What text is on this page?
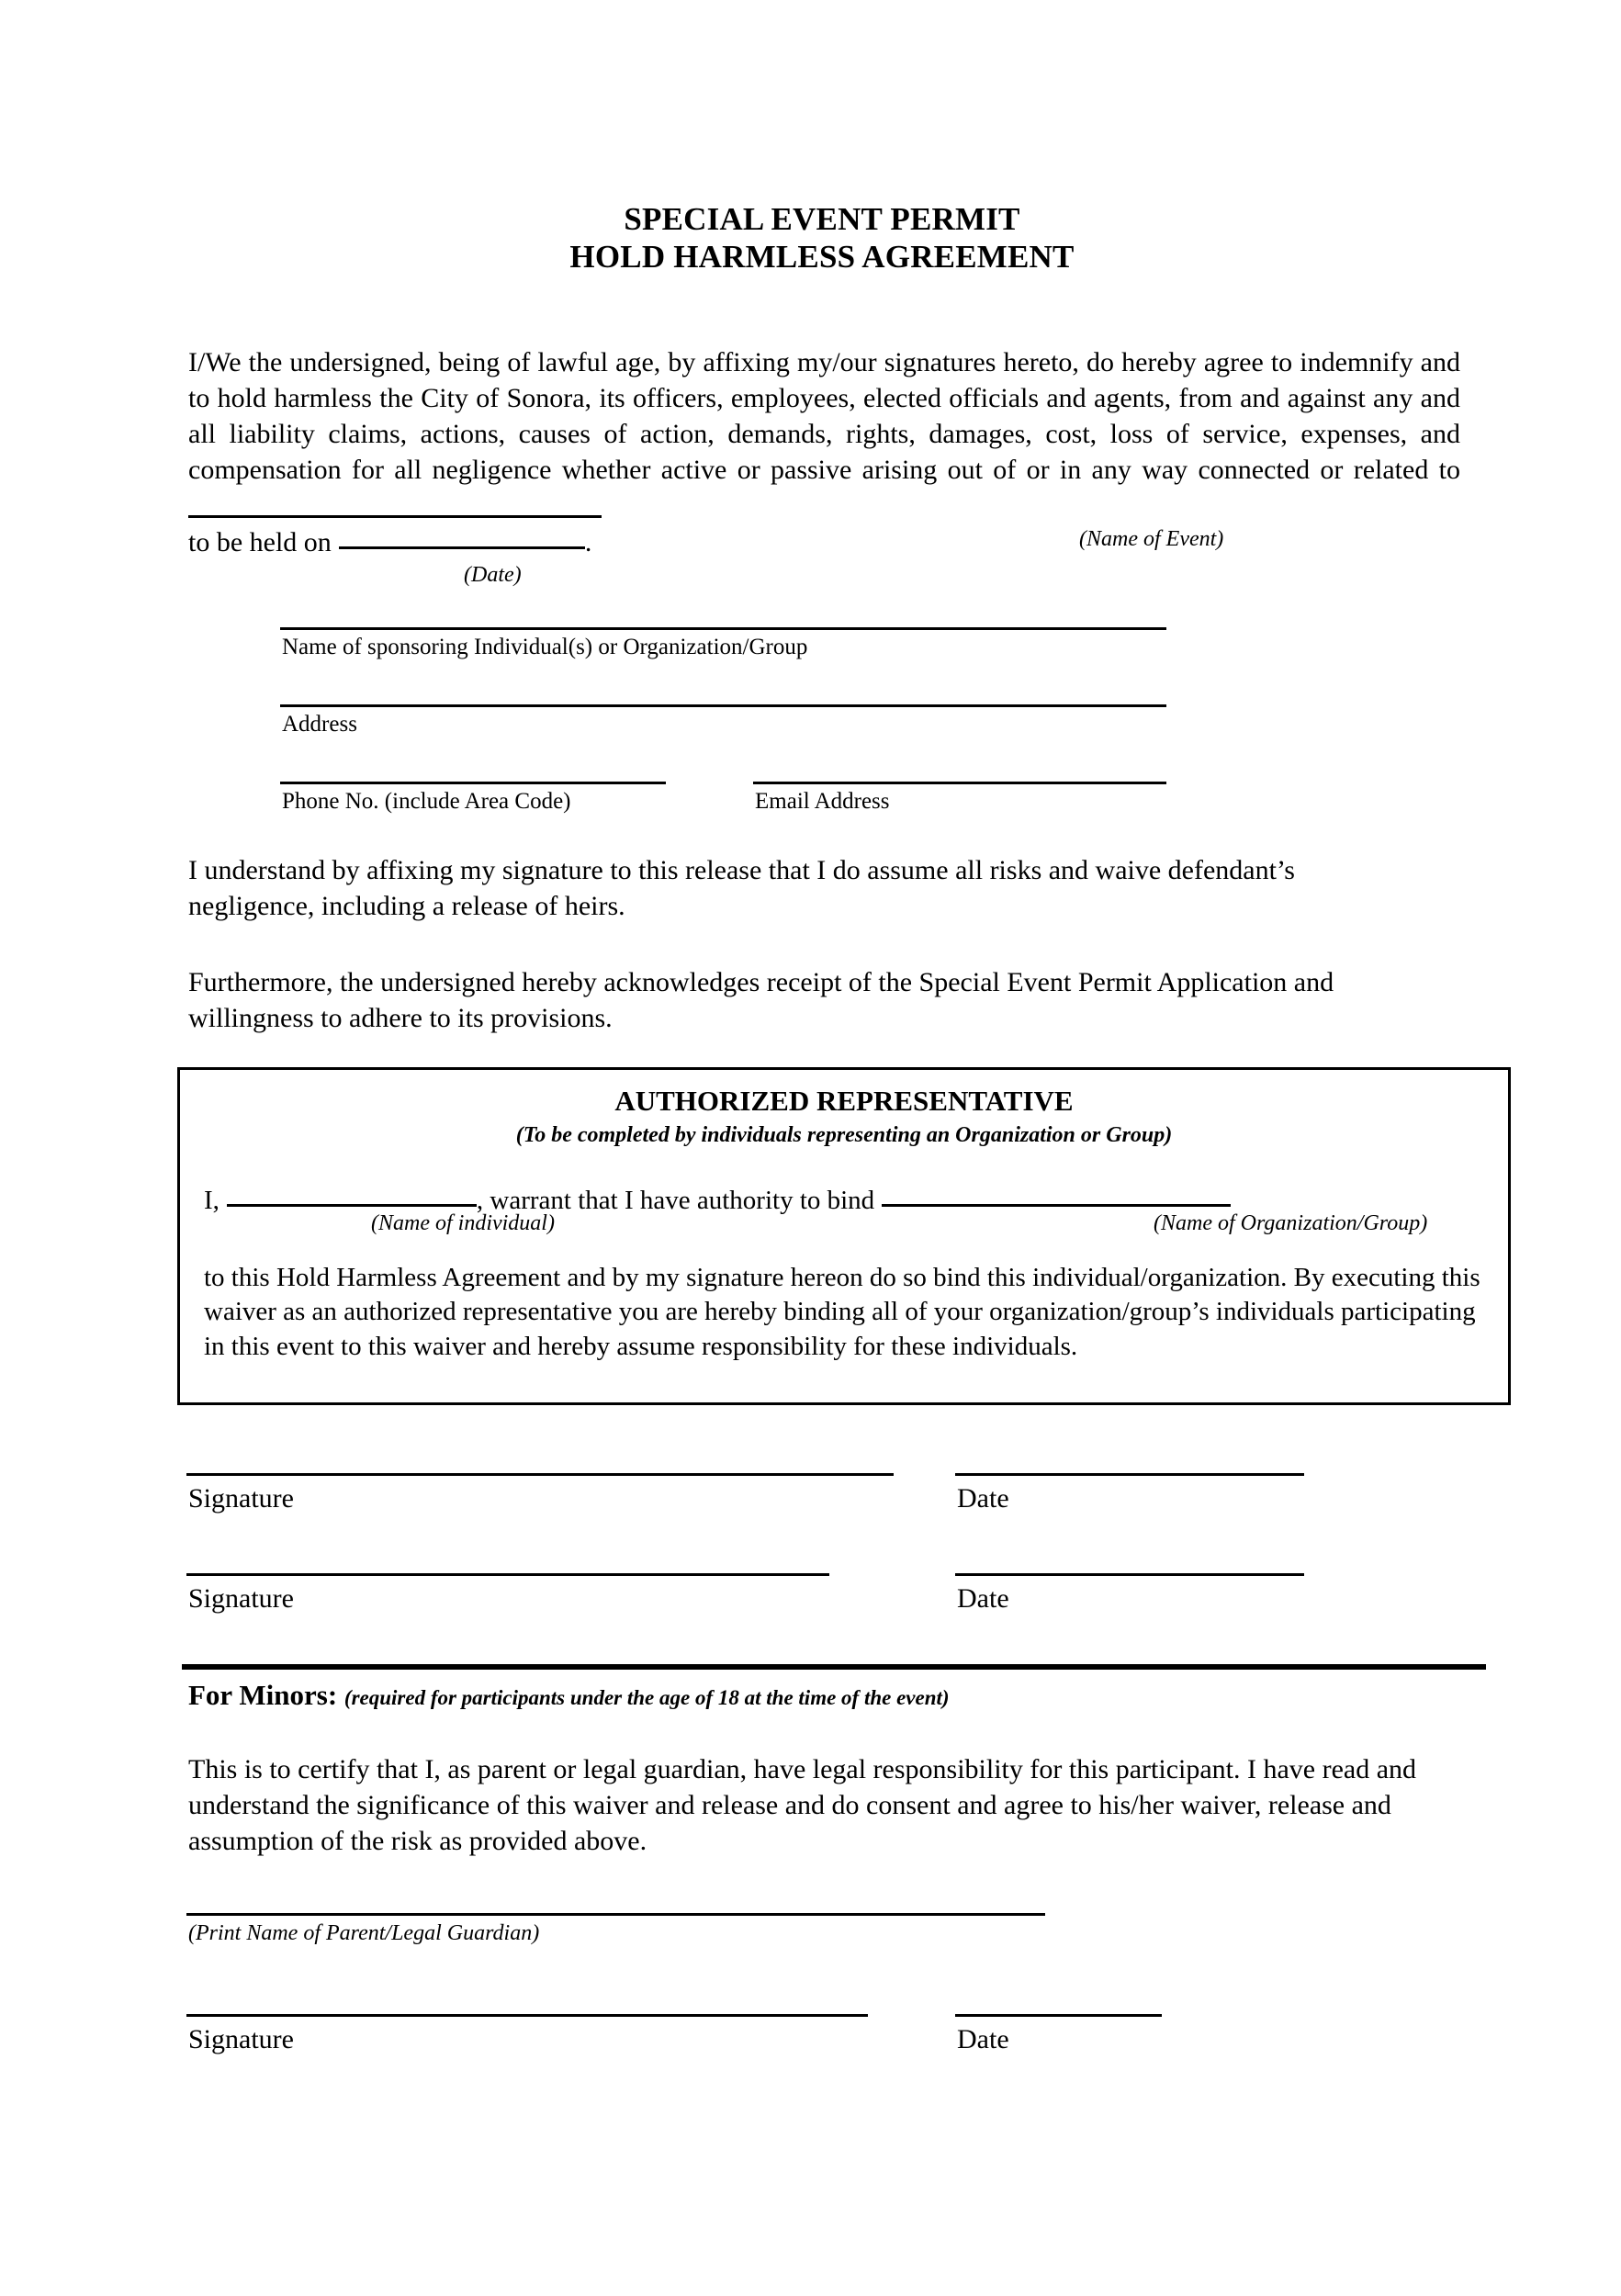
SPECIAL EVENT PERMIT
HOLD HARMLESS AGREEMENT
I/We the undersigned, being of lawful age, by affixing my/our signatures hereto, do hereby agree to indemnify and to hold harmless the City of Sonora, its officers, employees, elected officials and agents, from and against any and all liability claims, actions, causes of action, demands, rights, damages, cost, loss of service, expenses, and compensation for all negligence whether active or passive arising out of or in any way connected or related to
to be held on	.	(Name of Event)
(Date)
Name of sponsoring Individual(s) or Organization/Group
Address
Phone No. (include Area Code)	Email Address
I understand by affixing my signature to this release that I do assume all risks and waive defendant’s negligence, including a release of heirs.
Furthermore, the undersigned hereby acknowledges receipt of the Special Event Permit Application and willingness to adhere to its provisions.
AUTHORIZED REPRESENTATIVE
(To be completed by individuals representing an Organization or Group)
I,	, warrant that I have authority to bind
(Name of individual)	(Name of Organization/Group)
to this Hold Harmless Agreement and by my signature hereon do so bind this individual/organization. By executing this waiver as an authorized representative you are hereby binding all of your organization/group’s individuals participating in this event to this waiver and hereby assume responsibility for these individuals.
Signature	Date
Signature	Date
For Minors: (required for participants under the age of 18 at the time of the event)
This is to certify that I, as parent or legal guardian, have legal responsibility for this participant. I have read and understand the significance of this waiver and release and do consent and agree to his/her waiver, release and assumption of the risk as provided above.
(Print Name of Parent/Legal Guardian)
Signature	Date
